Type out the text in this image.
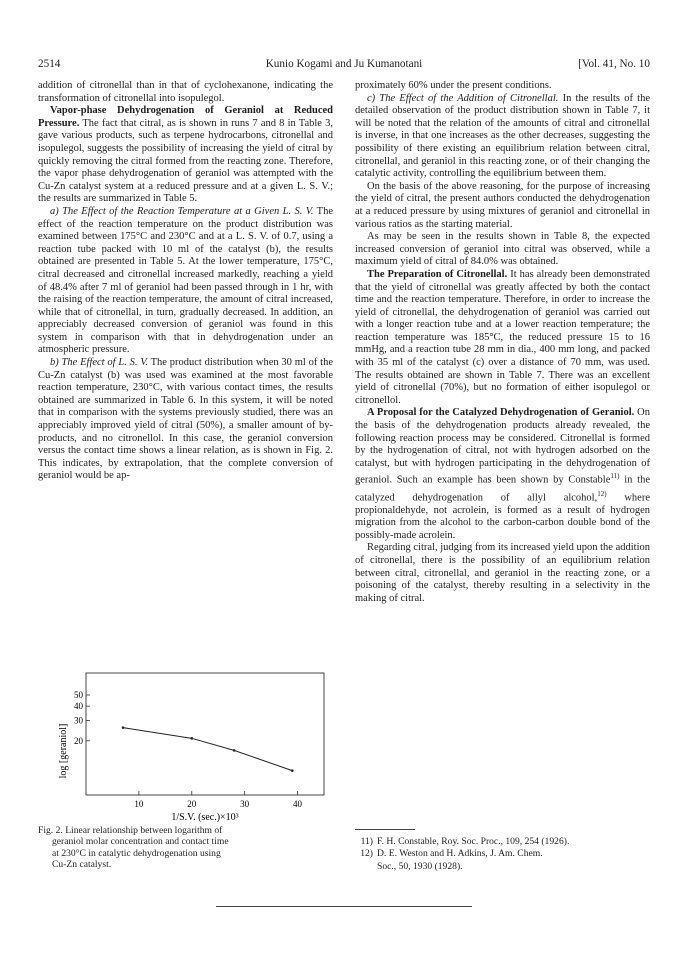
2514	Kunio Kogami and Ju Kumanotani	[Vol. 41, No. 10

addition of citronellal than in that of cyclohexanone, indicating the transformation of citronellal into isopulegol.

Vapor-phase Dehydrogenation of Geraniol at Reduced Pressure. The fact that citral, as is shown in runs 7 and 8 in Table 3, gave various products, such as terpene hydrocarbons, citronellal and isopulegol, suggests the possibility of increasing the yield of citral by quickly removing the citral formed from the reacting zone. Therefore, the vapor phase dehydrogenation of geraniol was attempted with the Cu-Zn catalyst system at a reduced pressure and at a given L. S. V.; the results are summarized in Table 5.

a) The Effect of the Reaction Temperature at a Given L. S. V. The effect of the reaction temperature on the product distribution was examined between 175°C and 230°C and at a L. S. V. of 0.7, using a reaction tube packed with 10 ml of the catalyst (b), the results obtained are presented in Table 5. At the lower temperature, 175°C, citral decreased and citronellal increased markedly, reaching a yield of 48.4% after 7 ml of geraniol had been passed through in 1 hr, with the raising of the reaction temperature, the amount of citral increased, while that of citronellal, in turn, gradually decreased. In addition, an appreciably decreased conversion of geraniol was found in this system in comparison with that in dehydrogenation under an atmospheric pressure.

b) The Effect of L. S. V. The product distribution when 30 ml of the Cu-Zn catalyst (b) was used was examined at the most favorable reaction temperature, 230°C, with various contact times, the results obtained are summarized in Table 6. In this system, it will be noted that in comparison with the systems previously studied, there was an appreciably improved yield of citral (50%), a smaller amount of by-products, and no citronellol. In this case, the geraniol conversion versus the contact time shows a linear relation, as is shown in Fig. 2. This indicates, by extrapolation, that the complete conversion of geraniol would be ap-

10	20	30	40
20
30
40
50
log [geraniol]
1/S.V. (sec.)×10³
Fig. 2. Linear relationship between logarithm of
geraniol molar concentration and contact time
at 230°C in catalytic dehydrogenation using
Cu-Zn catalyst.

proximately 60% under the present conditions.

c) The Effect of the Addition of Citronellal. In the results of the detailed observation of the product distribution shown in Table 7, it will be noted that the relation of the amounts of citral and citronellal is inverse, in that one increases as the other decreases, suggesting the possibility of there existing an equilibrium relation between citral, citronellal, and geraniol in this reacting zone, or of their changing the catalytic activity, controlling the equilibrium between them.

On the basis of the above reasoning, for the purpose of increasing the yield of citral, the present authors conducted the dehydrogenation at a reduced pressure by using mixtures of geraniol and citronellal in various ratios as the starting material.

As may be seen in the results shown in Table 8, the expected increased conversion of geraniol into citral was observed, while a maximum yield of citral of 84.0% was obtained.

The Preparation of Citronellal. It has already been demonstrated that the yield of citronellal was greatly affected by both the contact time and the reaction temperature. Therefore, in order to increase the yield of citronellal, the dehydrogenation of geraniol was carried out with a longer reaction tube and at a lower reaction temperature; the reaction temperature was 185°C, the reduced pressure 15 to 16 mmHg, and a reaction tube 28 mm in dia., 400 mm long, and packed with 35 ml of the catalyst (c) over a distance of 70 mm, was used. The results obtained are shown in Table 7. There was an excellent yield of citronellal (70%), but no formation of either isopulegol or citronellol.

A Proposal for the Catalyzed Dehydrogenation of Geraniol. On the basis of the dehydrogenation products already revealed, the following reaction process may be considered. Citronellal is formed by the hydrogenation of citral, not with hydrogen adsorbed on the catalyst, but with hydrogen participating in the dehydrogenation of geraniol. Such an example has been shown by Constable$^{11)}$ in the catalyzed dehydrogenation of allyl alcohol,$^{12)}$ where propionaldehyde, not acrolein, is formed as a result of hydrogen migration from the alcohol to the carbon-carbon double bond of the possibly-made acrolein.

Regarding citral, judging from its increased yield upon the addition of citronellal, there is the possibility of an equilibrium relation between citral, citronellal, and geraniol in the reacting zone, or a poisoning of the catalyst, thereby resulting in a selectivity in the making of citral.

11) F. H. Constable, Roy. Soc. Proc., 109, 254 (1926).
12) D. E. Weston and H. Adkins, J. Am. Chem.
Soc., 50, 1930 (1928).
